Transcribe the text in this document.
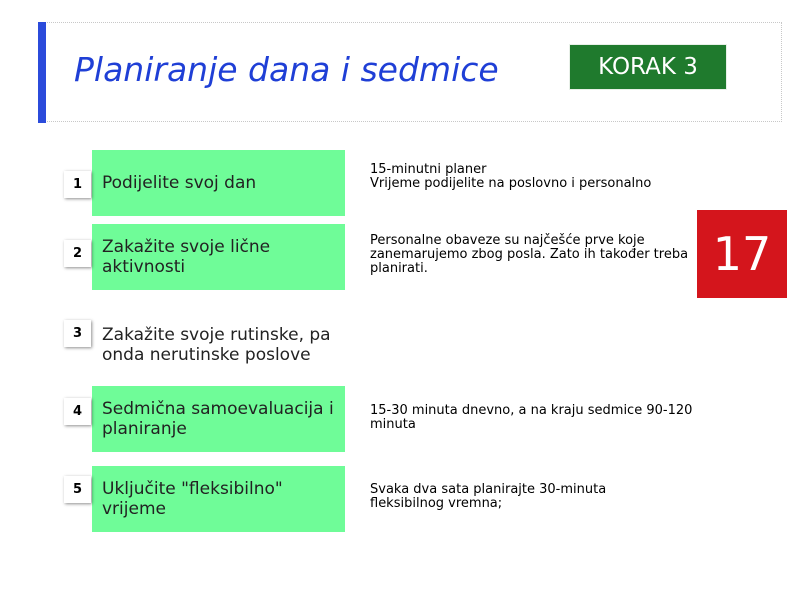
Planiranje dana i sedmice	KORAK 3
17
1	Podijelite svoj dan
15-minutni planer
Vrijeme podijelite na poslovno i personalno
2	Zakažite svoje lične aktivnosti
Personalne obaveze su najčešće prve koje zanemarujemo zbog posla. Zato ih također treba planirati.
3	Zakažite svoje rutinske, pa onda nerutinske poslove
4	Sedmična samoevaluacija i planiranje
15-30 minuta dnevno, a na kraju sedmice 90-120 minuta
5	Uključite "fleksibilno" vrijeme
Svaka dva sata planirajte 30-minuta fleksibilnog vremna;
